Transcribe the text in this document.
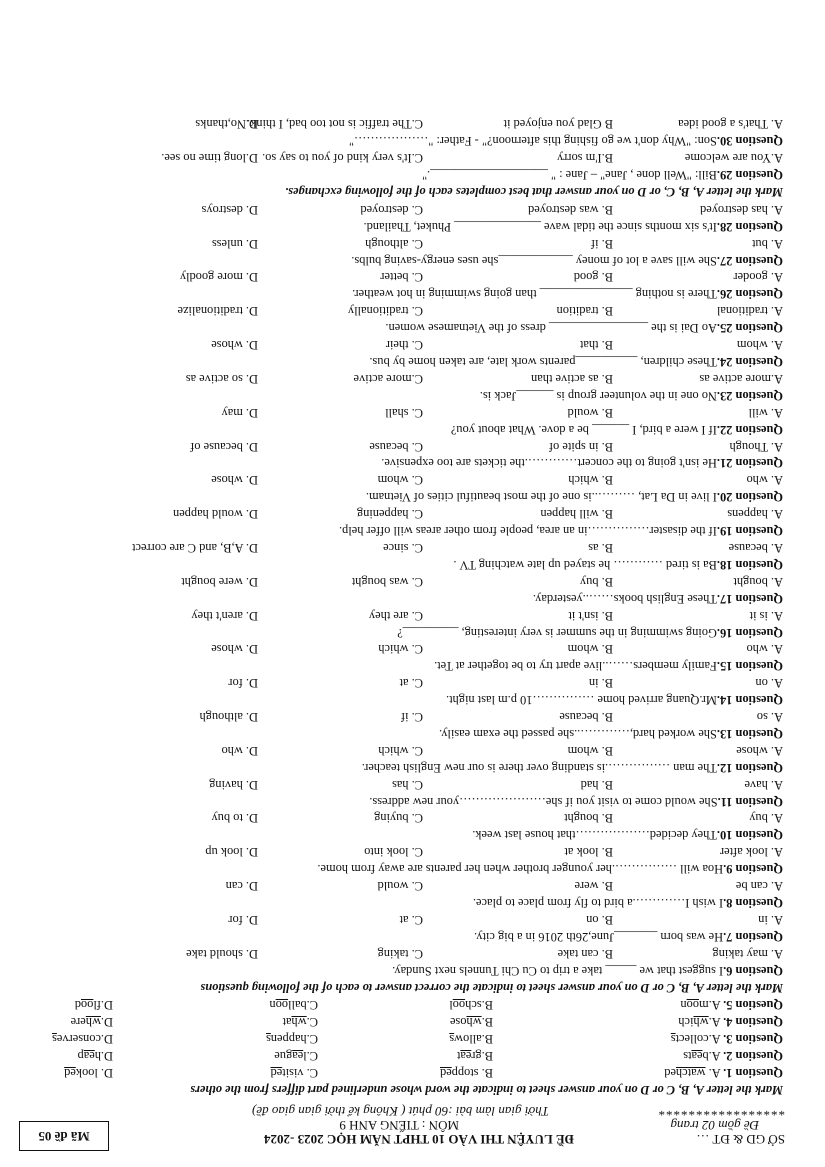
SỞ GD & ĐT …
Đề gồm 02 trang
*****************
ĐỀ LUYỆN THI VÀO 10 THPT NĂM HỌC 2023 -2024
MÔN : TIẾNG ANH 9
Thời gian làm bài :60 phút ( Không kể thời gian giao đề)
Mã đề 05
Mark the letter A, B, C or D on your answer sheet to indicate the word whose underlined part differs from the others
Question 1. A. watched
B. stopped
C. visited
D. looked
Question 2. A.beats
B.great
C.league
D.heap
Question 3. A.collects
B.allows
C.happens
D.conserves
Question 4. A.which
B.whose
C.what
D.where
Question 5. A.moon
B.school
C.balloon
D.flood
Mark the letter A, B, C or D on your answer sheet to indicate the correct answer to each of the following questions
Question 6.I suggest that we _____ take a trip to Cu Chi Tunnels next Sunday.
A. may taking
B. can take
C. taking
D. should take
Question 7.He was born _______June,26th 2016 in a big city.
A. in
B. on
C. at
D. for
Question 8.I wish I………….a bird to fly from place to place.
A. can be
B. were
C. would
D. can
Question 9.Hoa will …………….her younger brother when her parents are away from home.
A. look after
B. look at
C. look into
D. look up
Question 10.They decided………………that house last week.
A. buy
B. bought
C. buying
D. to buy
Question 11.She would come to visit you if she…………………your new address.
A. have
B. had
C. has
D. having
Question 12.The man …………….is standing over there is our new English teacher.
A. whose
B. whom
C. which
D. who
Question 13.She worked hard,…………..she passed the exam easily.
A. so
B. because
C. if
D. although
Question 14.Mr.Quang arrived home ……………10 p.m last night.
A. on
B. in
C. at
D. for
Question 15.Family members……..live apart try to be together at Tet.
A. who
B. whom
C. which
D. whose
Question 16.Going swimming in the summer is very interesting, _________?
A. is it
B. isn't it
C. are they
D. aren't they
Question 17.These English books……..yesterday.
A. bought
B. buy
C. was bought
D. were bought
Question 18.Ba is tired ………… he stayed up late watching TV .
A. because
B. as
C. since
D. A,B, and C are correct
Question 19.If the disaster……………in an area, people from other areas will offer help.
A. happens
B. will happen
C. happening
D. would happen
Question 20.I live in Da Lat, ………..is one of the most beautiful cities of Vietnam.
A. who
B. which
C. whom
D. whose
Question 21.He isn't going to the concert………….the tickets are too expensive.
A. Though
B. in spite of
C. because
D. because of
Question 22.If I were a bird, I ______ be a dove. What about you?
A. will
B. would
C. shall
D. may
Question 23.No one in the volunteer group is ______Jack is.
A.more active as
B. as active than
C.more active
D. so active as
Question 24.These children, __________parents work late, are taken home by bus.
A. whom
B. that
C. their
D. whose
Question 25.Ao Dai is the ________________ dress of the Vietnamese women.
A. traditional
B. tradition
C. traditionally
D. traditionalize
Question 26.There is nothing _______________ than going swimming in hot weather.
A. gooder
B. good
C. better
D. more goodly
Question 27.She will save a lot of money ____________she uses energy-saving bulbs.
A. but
B. if
C. although
D. unless
Question 28.It's six months since the tidal wave ______________ Phuket, Thailand.
A. has destroyed
B. was destroyed
C. destroyed
D. destroys
Mark the letter A, B, C, or D on your answer that best completes each of the following exchanges.
Question 29.Bill: "Well done , Jane" – Jane : " ___________________."
A.You are welcome
B.I'm sorry
C.It's very kind of you to say so.
D.long time no see.
Question 30.Son: "Why don't we go fishing this afternoon?" - Father: "………………"
A. That's a good idea
B Glad you enjoyed it
C.The traffic is not too bad, I think.
D.No,thanks
